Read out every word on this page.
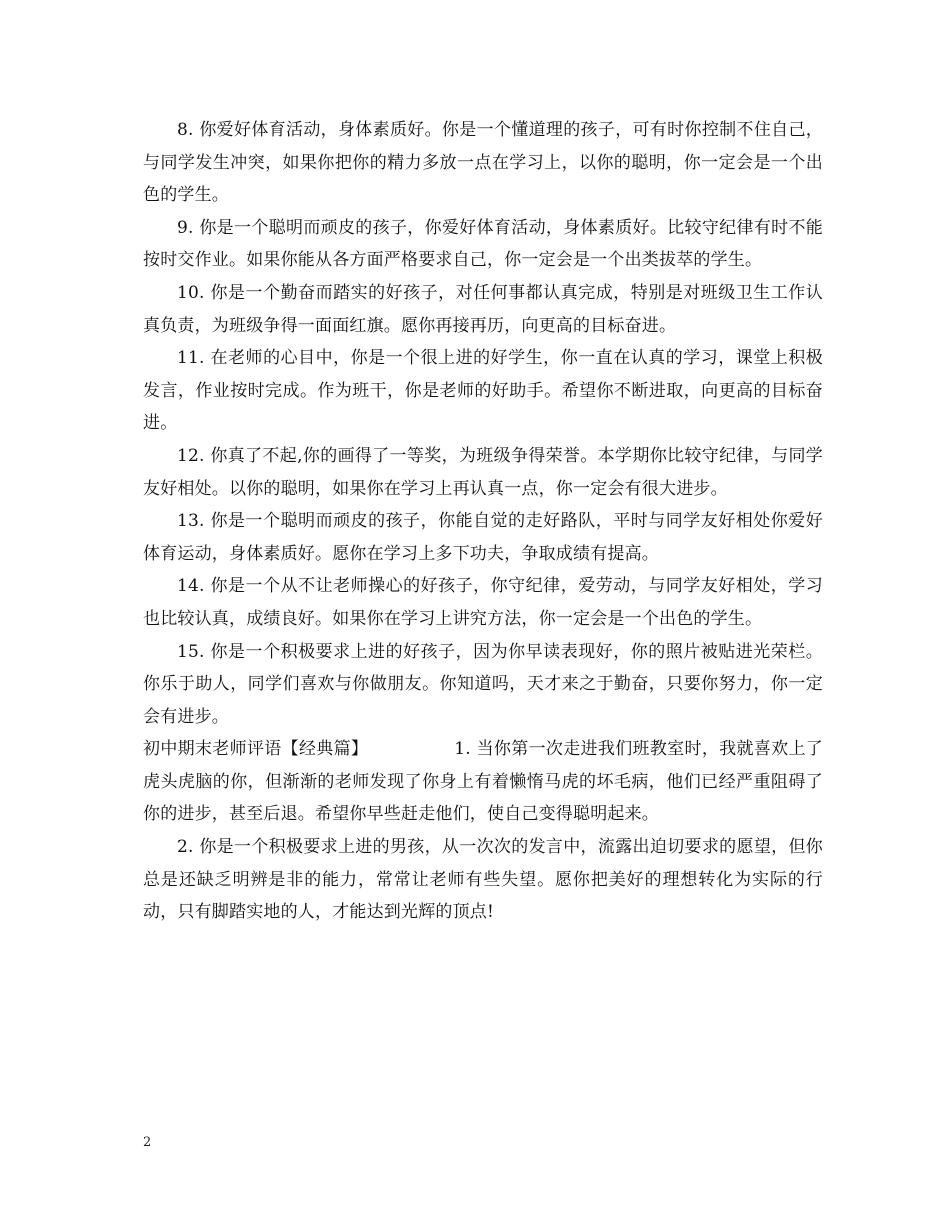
8. 你爱好体育活动，身体素质好。你是一个懂道理的孩子，可有时你控制不住自己，与同学发生冲突，如果你把你的精力多放一点在学习上，以你的聪明，你一定会是一个出色的学生。

9. 你是一个聪明而顽皮的孩子，你爱好体育活动，身体素质好。比较守纪律有时不能按时交作业。如果你能从各方面严格要求自己，你一定会是一个出类拔萃的学生。

10. 你是一个勤奋而踏实的好孩子，对任何事都认真完成，特别是对班级卫生工作认真负责，为班级争得一面面红旗。愿你再接再历，向更高的目标奋进。

11. 在老师的心目中，你是一个很上进的好学生，你一直在认真的学习，课堂上积极发言，作业按时完成。作为班干，你是老师的好助手。希望你不断进取，向更高的目标奋进。

12. 你真了不起,你的画得了一等奖，为班级争得荣誉。本学期你比较守纪律，与同学友好相处。以你的聪明，如果你在学习上再认真一点，你一定会有很大进步。

13. 你是一个聪明而顽皮的孩子，你能自觉的走好路队，平时与同学友好相处你爱好体育运动，身体素质好。愿你在学习上多下功夫，争取成绩有提高。

14. 你是一个从不让老师操心的好孩子，你守纪律，爱劳动，与同学友好相处，学习也比较认真，成绩良好。如果你在学习上讲究方法，你一定会是一个出色的学生。

15. 你是一个积极要求上进的好孩子，因为你早读表现好，你的照片被贴进光荣栏。你乐于助人，同学们喜欢与你做朋友。你知道吗，天才来之于勤奋，只要你努力，你一定会有进步。

初中期末老师评语【经典篇】	1. 当你第一次走进我们班教室时，我就喜欢上了虎头虎脑的你，但渐渐的老师发现了你身上有着懒惰马虎的坏毛病，他们已经严重阻碍了你的进步，甚至后退。希望你早些赶走他们，使自己变得聪明起来。

2. 你是一个积极要求上进的男孩，从一次次的发言中，流露出迫切要求的愿望，但你总是还缺乏明辨是非的能力，常常让老师有些失望。愿你把美好的理想转化为实际的行动，只有脚踏实地的人，才能达到光辉的顶点!

2
